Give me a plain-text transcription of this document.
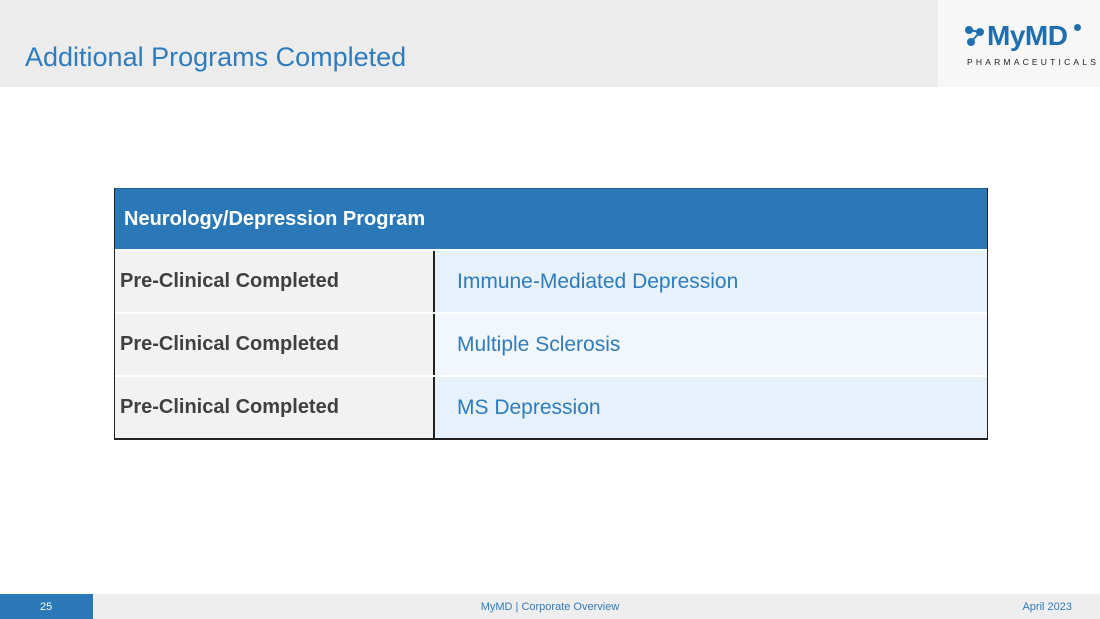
Additional Programs Completed
MyMD
PHARMACEUTICALS
Neurology/Depression Program
Pre-Clinical Completed	Immune-Mediated Depression
Pre-Clinical Completed	Multiple Sclerosis
Pre-Clinical Completed	MS Depression
25	MyMD | Corporate Overview	April 2023
